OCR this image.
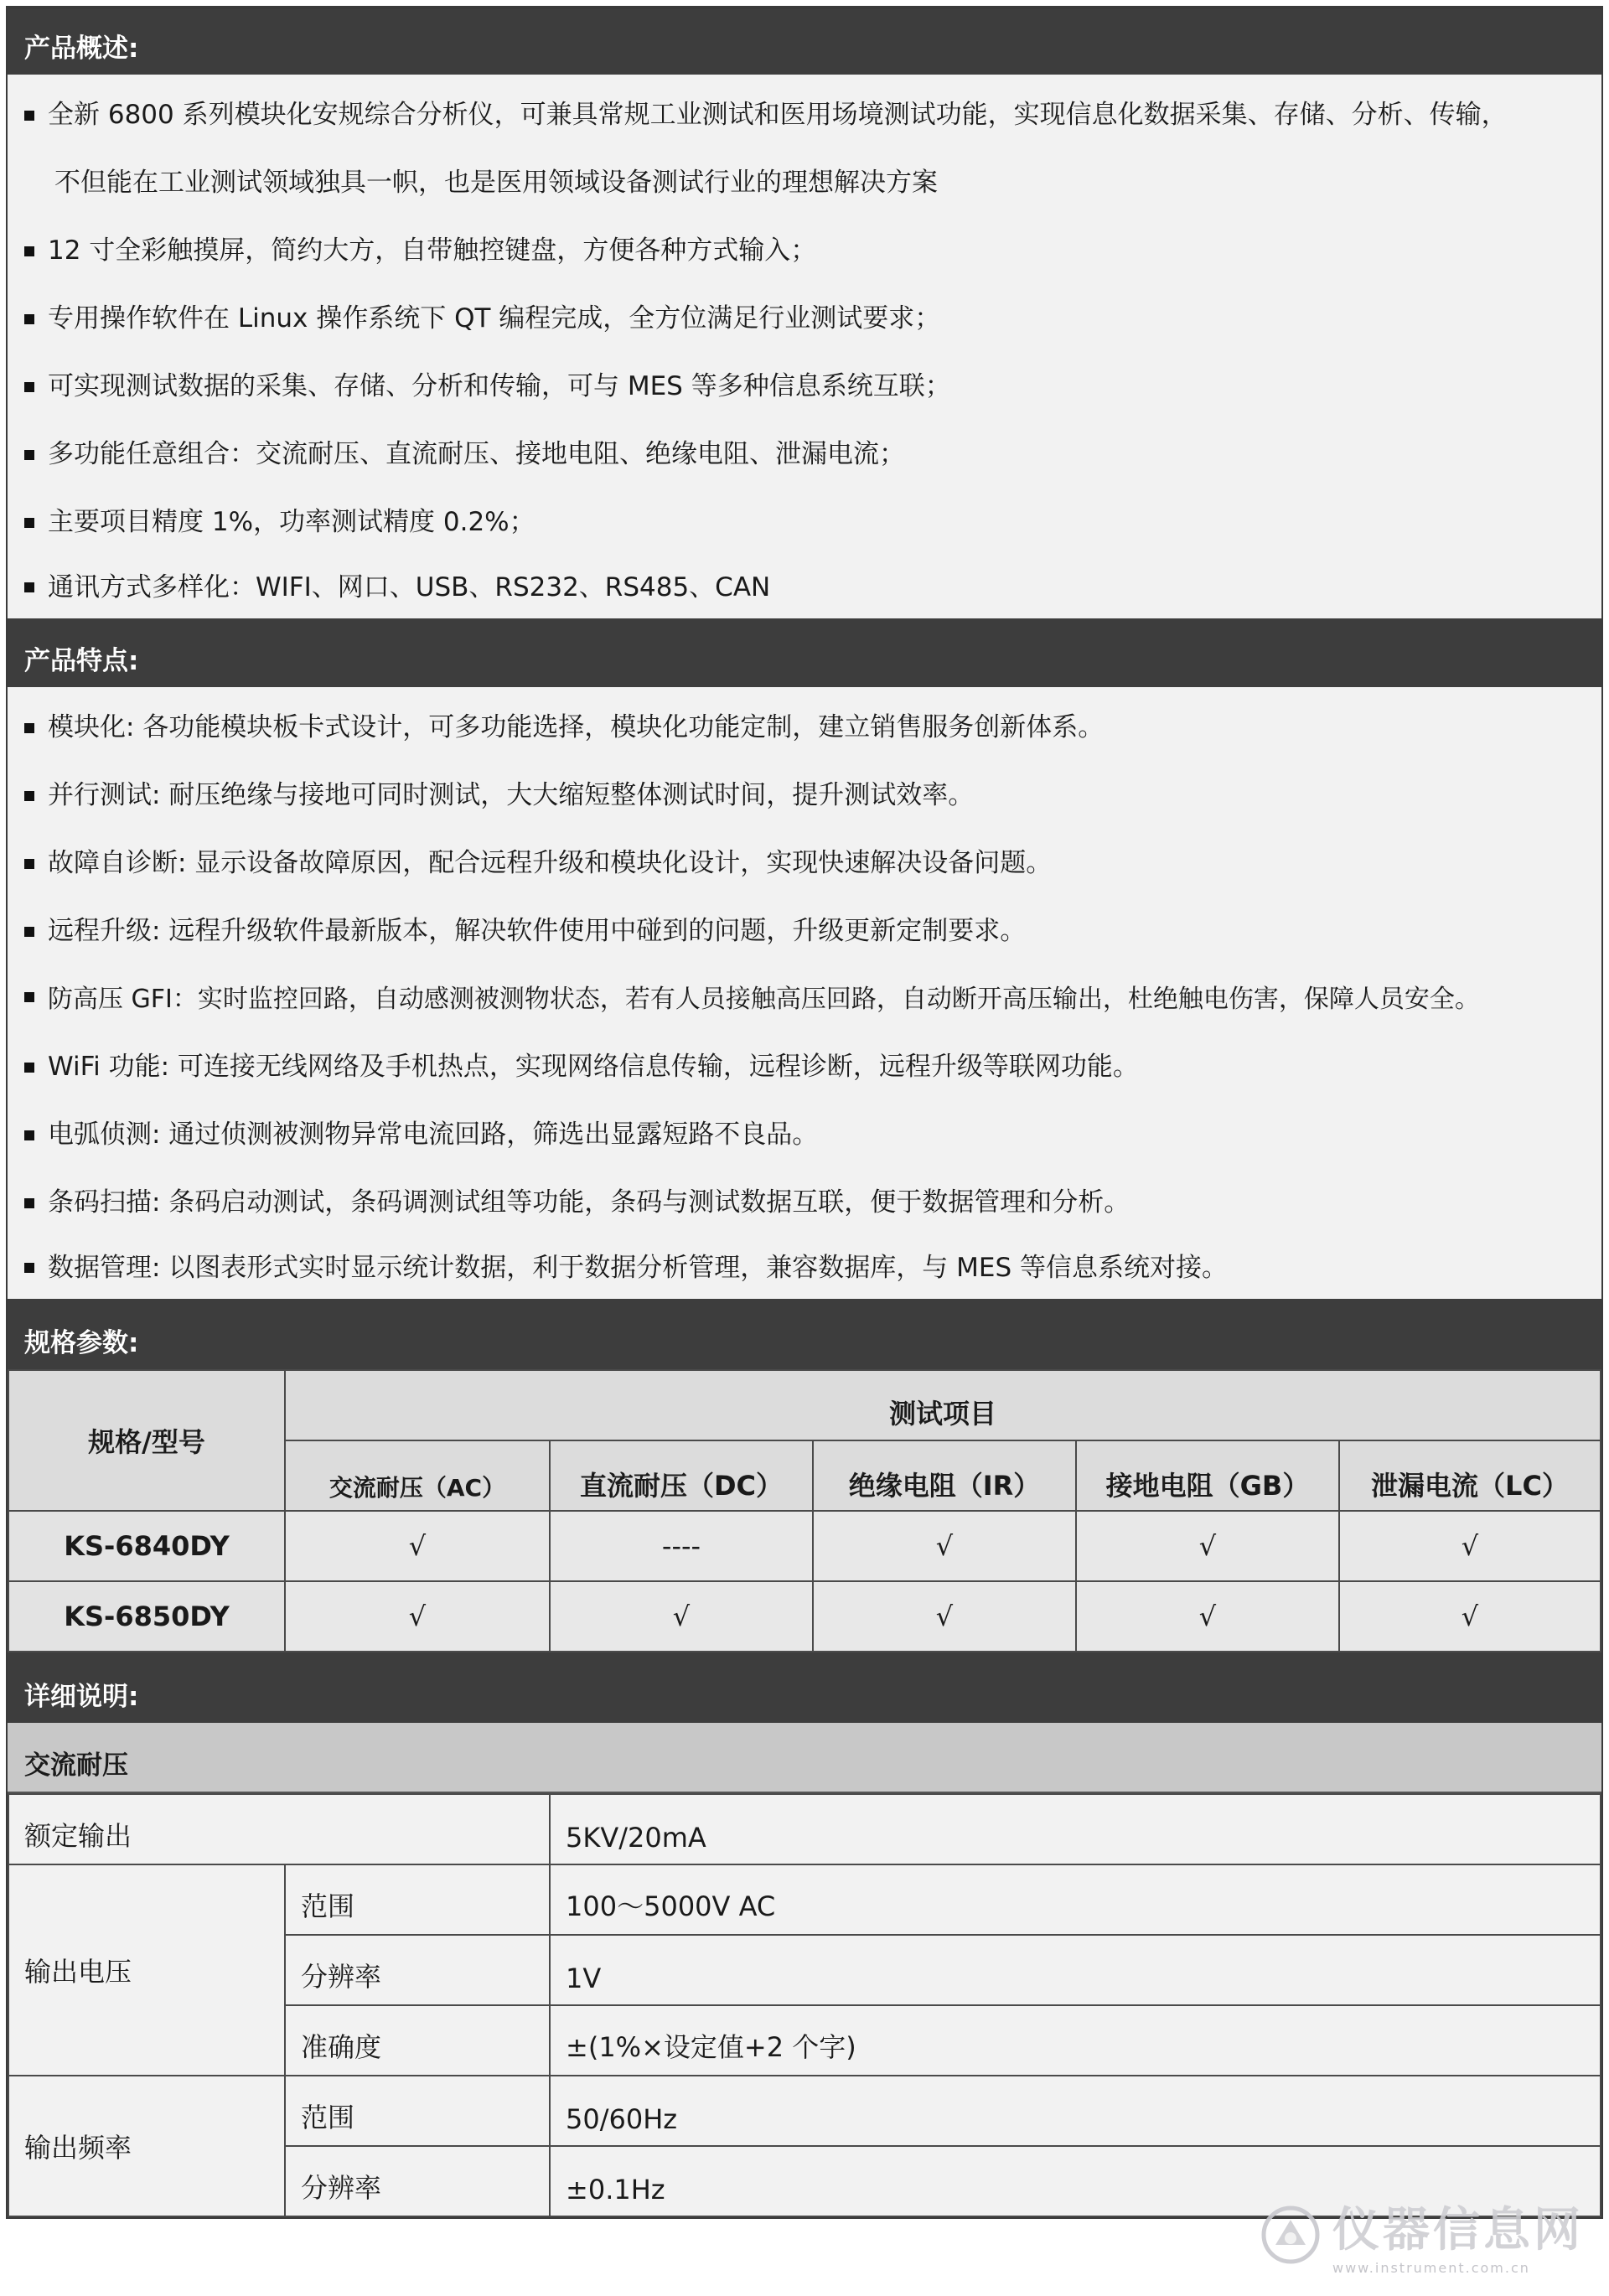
产品概述:
全新 6800 系列模块化安规综合分析仪，可兼具常规工业测试和医用场境测试功能，实现信息化数据采集、存储、分析、传输，
不但能在工业测试领域独具一帜，也是医用领域设备测试行业的理想解决方案
12 寸全彩触摸屏，简约大方，自带触控键盘，方便各种方式输入；
专用操作软件在 Linux 操作系统下 QT 编程完成，全方位满足行业测试要求；
可实现测试数据的采集、存储、分析和传输，可与 MES 等多种信息系统互联；
多功能任意组合：交流耐压、直流耐压、接地电阻、绝缘电阻、泄漏电流；
主要项目精度 1%，功率测试精度 0.2%；
通讯方式多样化：WIFI、网口、USB、RS232、RS485、CAN
产品特点:
模块化: 各功能模块板卡式设计，可多功能选择，模块化功能定制，建立销售服务创新体系。
并行测试: 耐压绝缘与接地可同时测试，大大缩短整体测试时间，提升测试效率。
故障自诊断: 显示设备故障原因，配合远程升级和模块化设计，实现快速解决设备问题。
远程升级: 远程升级软件最新版本，解决软件使用中碰到的问题，升级更新定制要求。
防高压 GFI：实时监控回路，自动感测被测物状态，若有人员接触高压回路，自动断开高压输出，杜绝触电伤害，保障人员安全。
WiFi 功能: 可连接无线网络及手机热点，实现网络信息传输，远程诊断，远程升级等联网功能。
电弧侦测: 通过侦测被测物异常电流回路，筛选出显露短路不良品。
条码扫描: 条码启动测试，条码调测试组等功能，条码与测试数据互联，便于数据管理和分析。
数据管理: 以图表形式实时显示统计数据，利于数据分析管理，兼容数据库，与 MES 等信息系统对接。
规格参数:
规格/型号	测试项目				
	交流耐压（AC）	直流耐压（DC）	绝缘电阻（IR）	接地电阻（GB）	泄漏电流（LC）
KS-6840DY	√	----	√	√	√
KS-6850DY	√	√	√	√	√
详细说明:
交流耐压
额定输出		5KV/20mA
输出电压	范围	100～5000V AC
	分辨率	1V
	准确度	±(1%×设定值+2 个字)
输出频率	范围	50/60Hz
	分辨率	±0.1Hz
仪器信息网
www.instrument.com.cn
